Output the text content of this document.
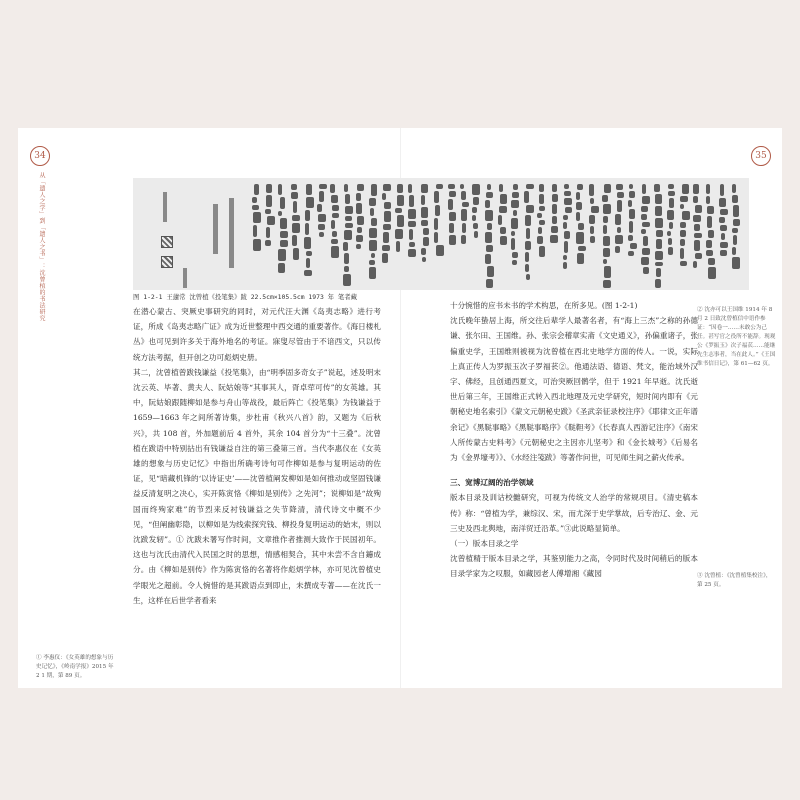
34	35
从「遗人之学」到「遗人之书」：沈曾植的书法研究	图 1-2-1 王蘧常 沈曾植《投笔集》跋 22.5cm×105.5cm 1973 年 笔者藏

在潜心蒙古、突厥史事研究的同时，对元代汪大渊《岛夷志略》进行考证，所成《岛夷志略广证》成为近世整理中西交通的重要著作。《海日楼札丛》也可见到许多关于海外地名的考证。寐叟尽管由于不谙西文，只以传统方法考据，但开创之功可彪炳史册。

其二，沈曾植曾跋钱谦益《投笔集》，由“明季固多奇女子”说起，述及明末沈云英、毕著、黄夫人、阮姑娘等“其事其人，胥卓荦可传”的女英雄。其中，阮姑娘跟随柳如是参与舟山等战役，最后阵亡《投笔集》为钱谦益于1659—1663 年之间所著诗集，步杜甫《秋兴八首》韵，又题为《后秋兴》，共 108 首，外加题前后 4 首外，其余 104 首分为“十三叠”。沈曾植在跋语中特别拈出有钱谦益自注的第三叠第三首。当代李惠仪在《女英雄的想象与历史记忆》中指出所确考诗句可作柳如是参与复明运动的佐证，见“暗藏机锋的‘以诗证史’——沈曾植阐发柳如是如何推动或坚固钱谦益反清复明之决心，实开陈寅恪《柳如是别传》之先河”；说柳如是“故殉国而终殉家难”的节烈来反衬钱谦益之失节降清，清代诗文中概不少见，“但阐幽彰隐，以柳如是为线索探究钱、柳投身复明运动的始末，则以沈跋发轫”。① 沈跋未署写作时间，文章推作者推测大致作于民国初年。这也与沈氏由清代入民国之时的思想，情感相契合，其中未尝不含自鑢成分。由《柳如是别传》作为陈寅恪的名著将作彪炳学林，亦可见沈曾植史学眼光之超前。令人惋惜的是其跋语点到即止，未撰成专著——在沈氏一生，这样在后世学者看来

十分惋惜的应书未书的学术构思，在所多见。(图 1-2-1)

沈氏晚年蛰居上海，所交往后辈学人最著名者，有“海上三杰”之称的孙德谦、张尔田、王国维。孙、张宗会稽章实斋《文史通义》，孙偏重诸子，张偏重史学，王国维则被视为沈曾植在西北史地学方面的传人。一说，实际上真正传人为罗振玉次子罗福苌②。他通法语、德语、梵文，能治域外汉字、佛经，且创通西夏文，可治突厥回鹘学，但于 1921 年早逝。沈氏逝世后第三年，王国维正式转入西北地理及元史学研究，短时间内即有《元朝秘史地名索引》《蒙文元朝秘史跋》《圣武亲征录校注序》《耶律文正年谱余记》《黑鞑事略》《黑鞑事略序》《鞑靼考》《长春真人西游记注序》《南宋人所传蒙古史料考》《元朝秘史之主因亦儿坚考》和《金长城考》《后易名为《金界壕考》》、《水经注笺跋》等著作问世，可见师生间之薪火传承。

三、宽博辽阔的治学领域

版本目录及训诂校雠研究，可视为传统文人治学的常规项目。《清史稿本传》称：“曾植为学，兼综汉、宋，而尤深于史学掌故，后专治辽、金、元三史及西北舆地，南洋贸迁沿革。”③此说略显简单。

（一）版本目录之学

沈曾植精于版本目录之学，其鉴别能力之高，令同时代及时间稍后的版本目录学家为之叹服，如藏园老人傅增湘《藏园

① 李惠仪：《女英雄的想象与历史记忆》，《岭南学报》2015 年 2 1 期，第 89 页。
② 沈亦可以王国维 1914 年 8 月 2 日致沈曾植信中语作参证：“因卷一……未敢公为己任。甚写官之役所不能辞。现观公《罗振玉》次子福苌……能继先生志事者，当在此人。”《王国维书信日记》，第 61—62 页。
③ 沈曾植：《沈曾植集校注》，第 25 页。
